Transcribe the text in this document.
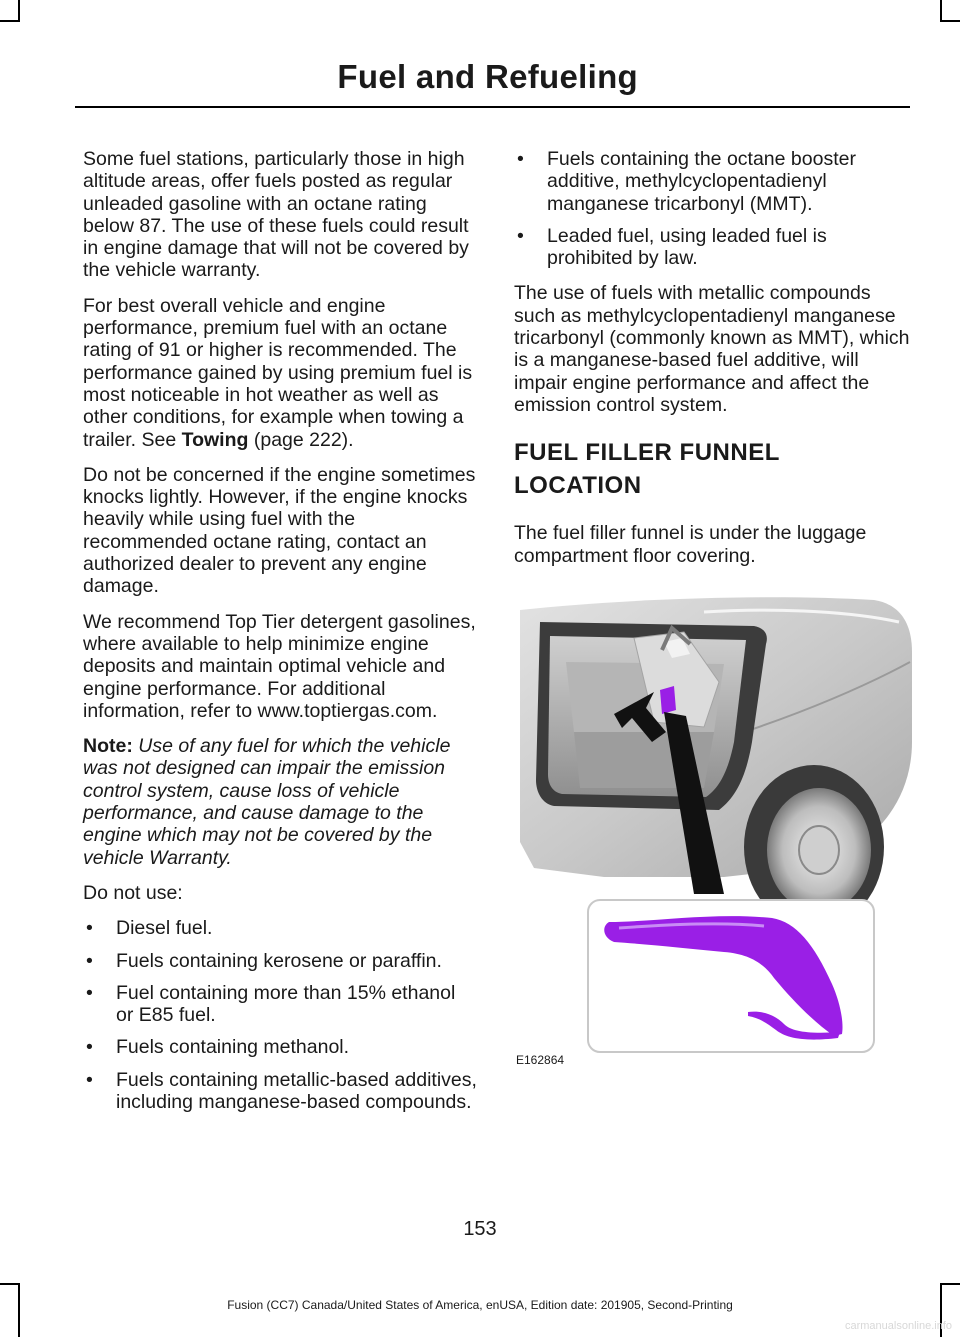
Fuel and Refueling

Some fuel stations, particularly those in high altitude areas, offer fuels posted as regular unleaded gasoline with an octane rating below 87. The use of these fuels could result in engine damage that will not be covered by the vehicle warranty.

For best overall vehicle and engine performance, premium fuel with an octane rating of 91 or higher is recommended. The performance gained by using premium fuel is most noticeable in hot weather as well as other conditions, for example when towing a trailer. See Towing (page 222).

Do not be concerned if the engine sometimes knocks lightly. However, if the engine knocks heavily while using fuel with the recommended octane rating, contact an authorized dealer to prevent any engine damage.

We recommend Top Tier detergent gasolines, where available to help minimize engine deposits and maintain optimal vehicle and engine performance. For additional information, refer to www.toptiergas.com.

Note: Use of any fuel for which the vehicle was not designed can impair the emission control system, cause loss of vehicle performance, and cause damage to the engine which may not be covered by the vehicle Warranty.

Do not use:

• Diesel fuel.
• Fuels containing kerosene or paraffin.
• Fuel containing more than 15% ethanol or E85 fuel.
• Fuels containing methanol.
• Fuels containing metallic-based additives, including manganese-based compounds.
• Fuels containing the octane booster additive, methylcyclopentadienyl manganese tricarbonyl (MMT).
• Leaded fuel, using leaded fuel is prohibited by law.

The use of fuels with metallic compounds such as methylcyclopentadienyl manganese tricarbonyl (commonly known as MMT), which is a manganese-based fuel additive, will impair engine performance and affect the emission control system.

FUEL FILLER FUNNEL
LOCATION

The fuel filler funnel is under the luggage compartment floor covering.

E162864
153
Fusion (CC7) Canada/United States of America, enUSA, Edition date: 201905, Second-Printing
carmanualsonline.info
